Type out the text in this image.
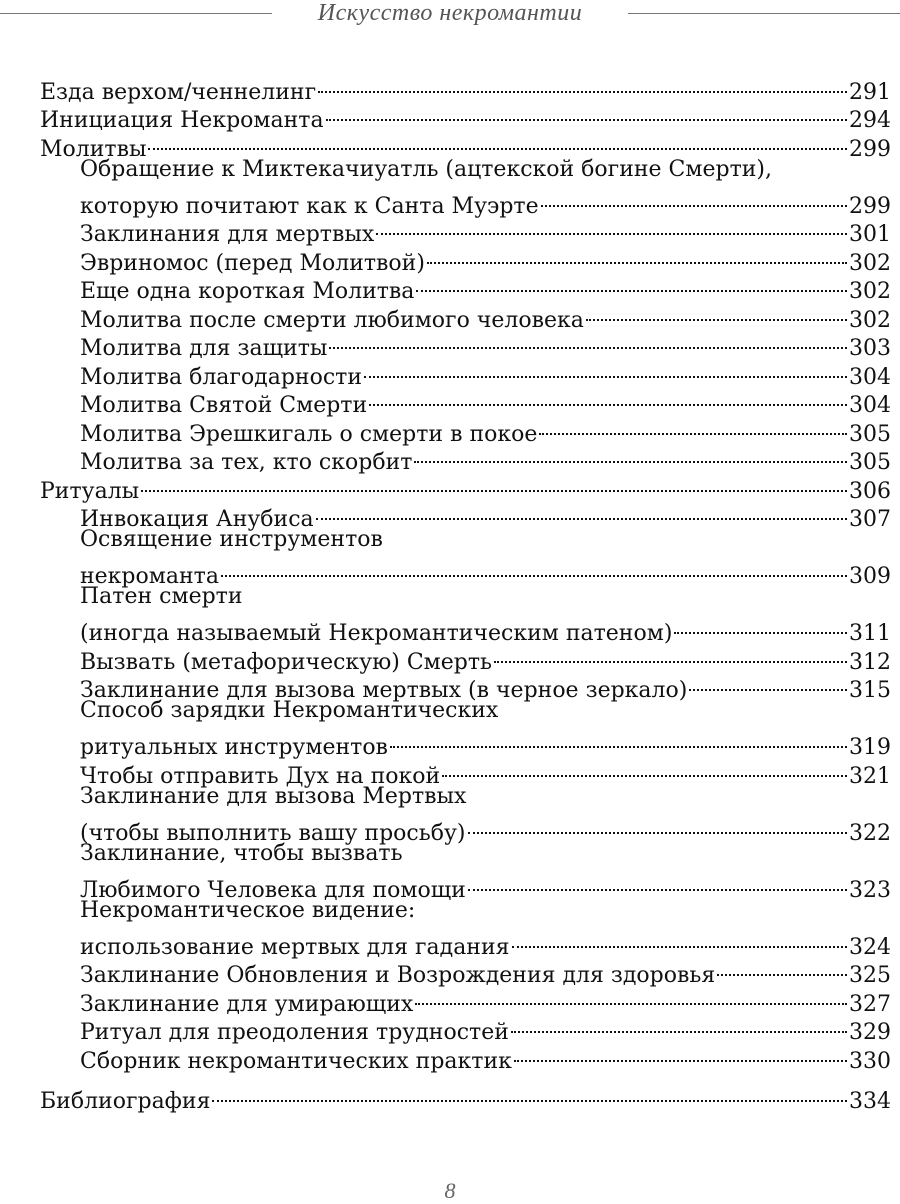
Искусство некромантии
Езда верхом/ченнелинг	291
Инициация Некроманта	294
Молитвы	299
Обращение к Миктекачиуатль (ацтекской богине Смерти),
которую почитают как к Санта Муэрте	299
Заклинания для мертвых	301
Эвриномос (перед Молитвой)	302
Еще одна короткая Молитва	302
Молитва после смерти любимого человека	302
Молитва для защиты	303
Молитва благодарности	304
Молитва Святой Смерти	304
Молитва Эрешкигаль о смерти в покое	305
Молитва за тех, кто скорбит	305
Ритуалы	306
Инвокация Анубиса	307
Освящение инструментов
некроманта	309
Патен смерти
(иногда называемый Некромантическим патеном)	311
Вызвать (метафорическую) Смерть	312
Заклинание для вызова мертвых (в черное зеркало)	315
Способ зарядки Некромантических
ритуальных инструментов	319
Чтобы отправить Дух на покой	321
Заклинание для вызова Мертвых
(чтобы выполнить вашу просьбу)	322
Заклинание, чтобы вызвать
Любимого Человека для помощи	323
Некромантическое видение:
использование мертвых для гадания	324
Заклинание Обновления и Возрождения для здоровья	325
Заклинание для умирающих	327
Ритуал для преодоления трудностей	329
Сборник некромантических практик	330
Библиография	334
8
